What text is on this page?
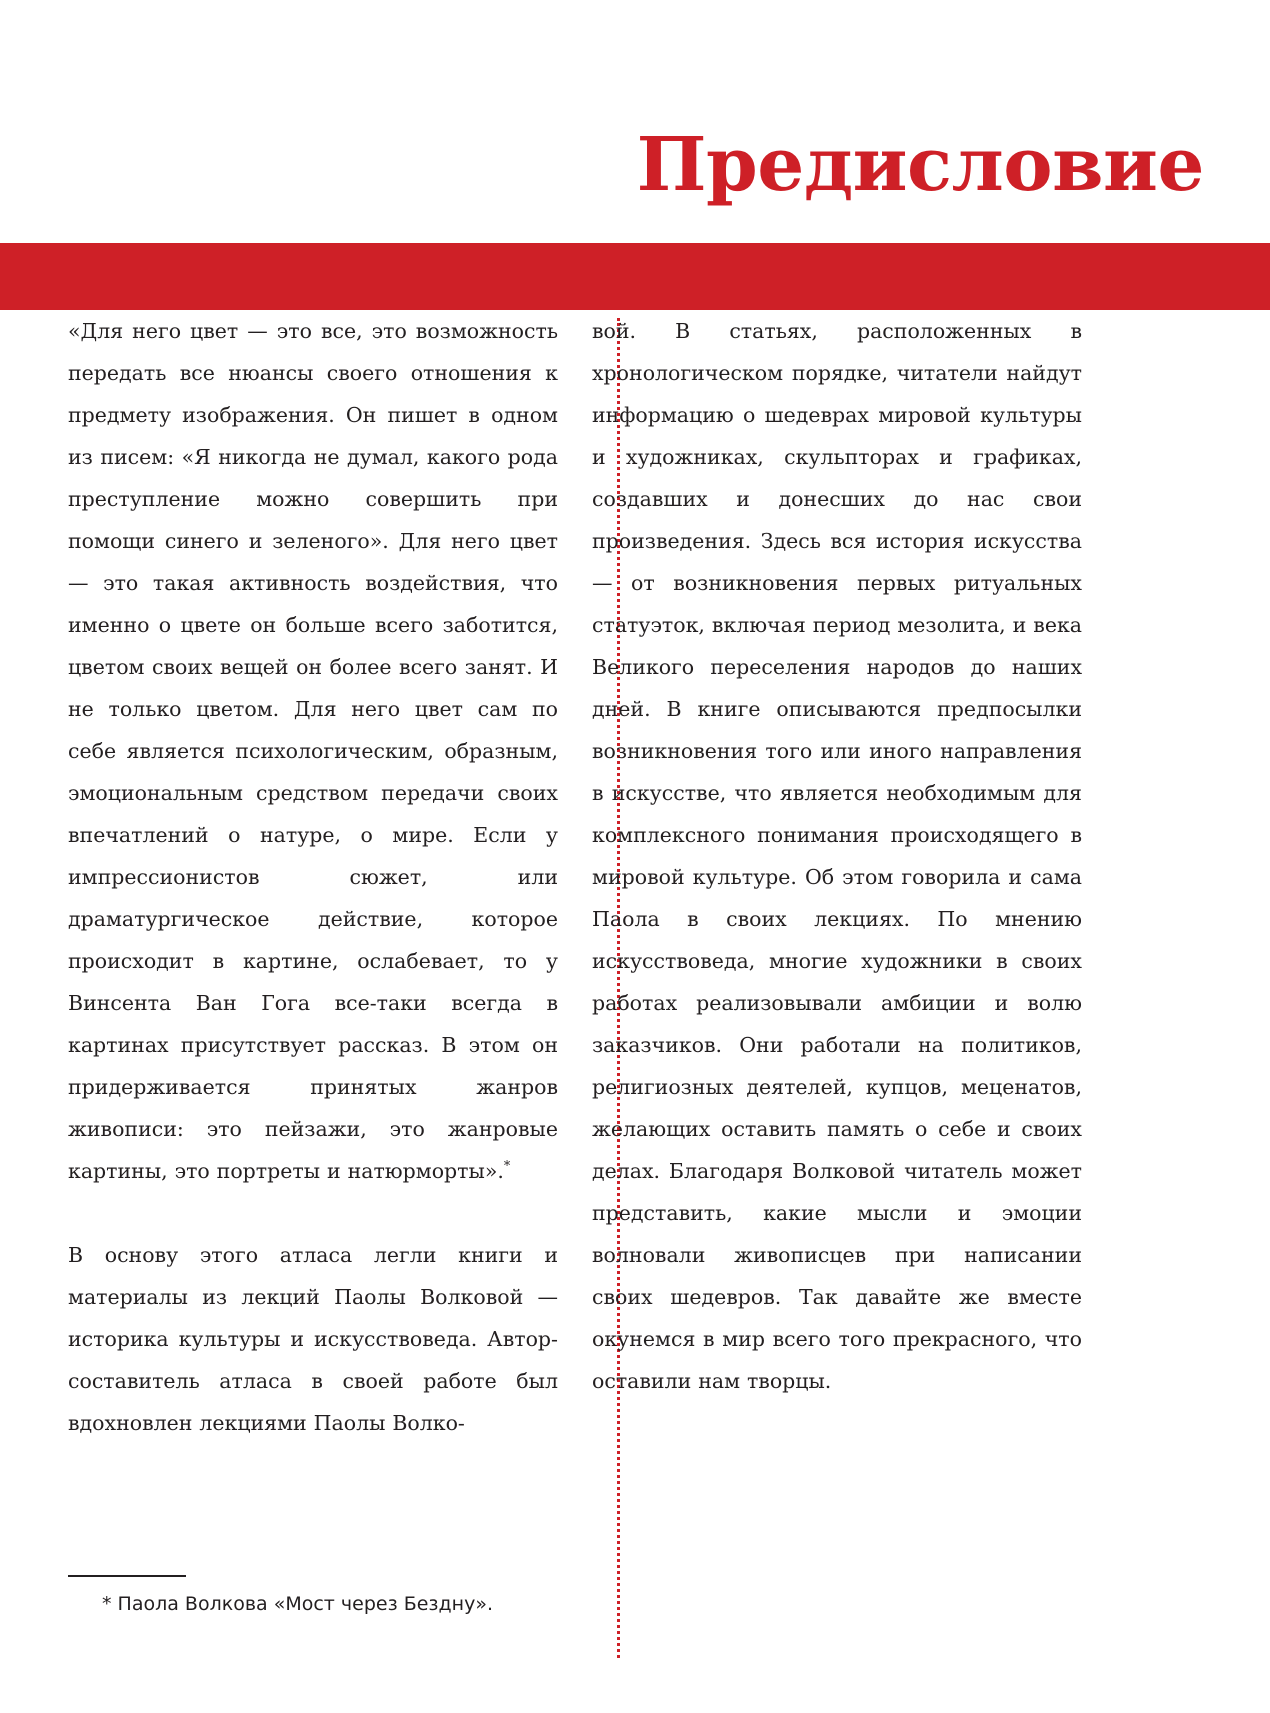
Предисловие

«Для него цвет — это все, это возможность передать все нюансы своего отношения к предмету изображения. Он пишет в одном из писем: «Я никогда не думал, какого рода преступление можно совершить при помощи синего и зеленого». Для него цвет — это такая активность воздействия, что именно о цвете он больше всего заботится, цветом своих вещей он более всего занят. И не только цветом. Для него цвет сам по себе является психологическим, образным, эмоциональным средством передачи своих впечатлений о натуре, о мире. Если у импрессионистов сюжет, или драматургическое действие, которое происходит в картине, ослабевает, то у Винсента Ван Гога все-таки всегда в картинах присутствует рассказ. В этом он придерживается принятых жанров живописи: это пейзажи, это жанровые картины, это портреты и натюрморты».*

В основу этого атласа легли книги и материалы из лекций Паолы Волковой — историка культуры и искусствоведа. Автор-составитель атласа в своей работе был вдохновлен лекциями Паолы Волко-

вой. В статьях, расположенных в хронологическом порядке, читатели найдут информацию о шедеврах мировой культуры и художниках, скульпторах и графиках, создавших и донесших до нас свои произведения. Здесь вся история искусства — от возникновения первых ритуальных статуэток, включая период мезолита, и века Великого переселения народов до наших дней. В книге описываются предпосылки возникновения того или иного направления в искусстве, что является необходимым для комплексного понимания происходящего в мировой культуре. Об этом говорила и сама Паола в своих лекциях. По мнению искусствоведа, многие художники в своих работах реализовывали амбиции и волю заказчиков. Они работали на политиков, религиозных деятелей, купцов, меценатов, желающих оставить память о себе и своих делах. Благодаря Волковой читатель может представить, какие мысли и эмоции волновали живописцев при написании своих шедевров. Так давайте же вместе окунемся в мир всего того прекрасного, что оставили нам творцы.

* Паола Волкова «Мост через Бездну».
